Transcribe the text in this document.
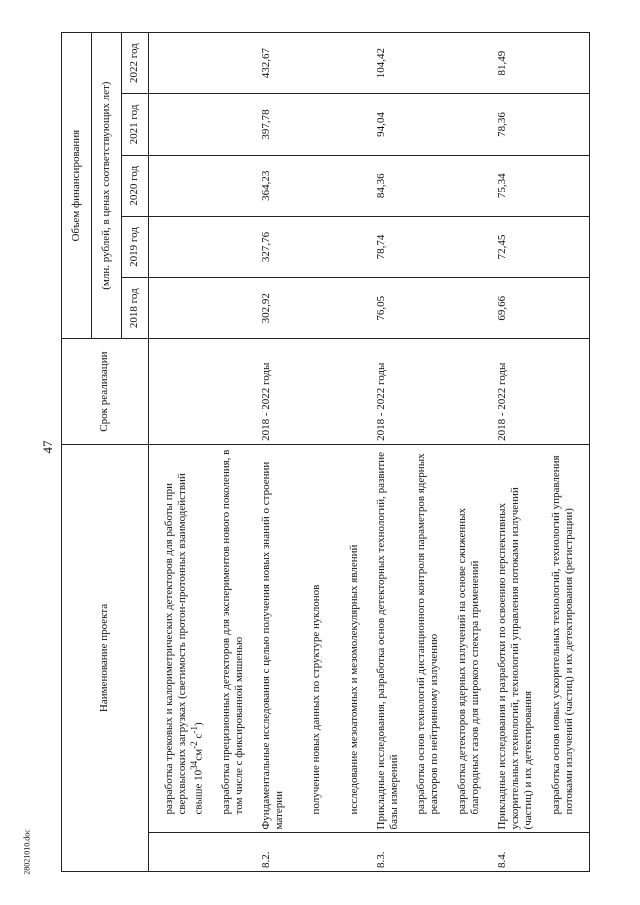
47
28021010.doc
Наименование проекта		Срок реализации	Объем финансирования				
			(млн. рублей, в ценах соответствующих лет)				
			2018 год	2019 год	2020 год	2021 год	2022 год

	разработка трековых и калориметрических детекторов для работы при сверхвысоких загрузках (светимость протон-протонных взаимодействий свыше $10^{34}см^{-2}$ $с^{-1}$)						

	разработка прецизионных детекторов для экспериментов нового поколения, в том числе с фиксированной мишенью						

8.2.	Фундаментальные исследования с целью получения новых знаний о строении материи	2018 - 2022 годы	302,92	327,76	364,23	397,78	432,67

	получение новых данных по структуре нуклонов						

	исследование мезоатомных и мезомолекулярных явлений						

8.3.	Прикладные исследования, разработка основ детекторных технологий, развитие базы измерений	2018 - 2022 годы	76,05	78,74	84,36	94,04	104,42

	разработка основ технологий дистанционного контроля параметров ядерных реакторов по нейтринному излучению						

	разработка детекторов ядерных излучений на основе сжиженных благородных газов для широкого спектра применений						

8.4.	Прикладные исследования и разработки по освоению перспективных ускорительных технологий, технологий управления потоками излучений (частиц) и их детектирования	2018 - 2022 годы	69,66	72,45	75,34	78,36	81,49

	разработка основ новых ускорительных технологий, технологий управления потоками излучений (частиц) и их детектирования (регистрации)						
